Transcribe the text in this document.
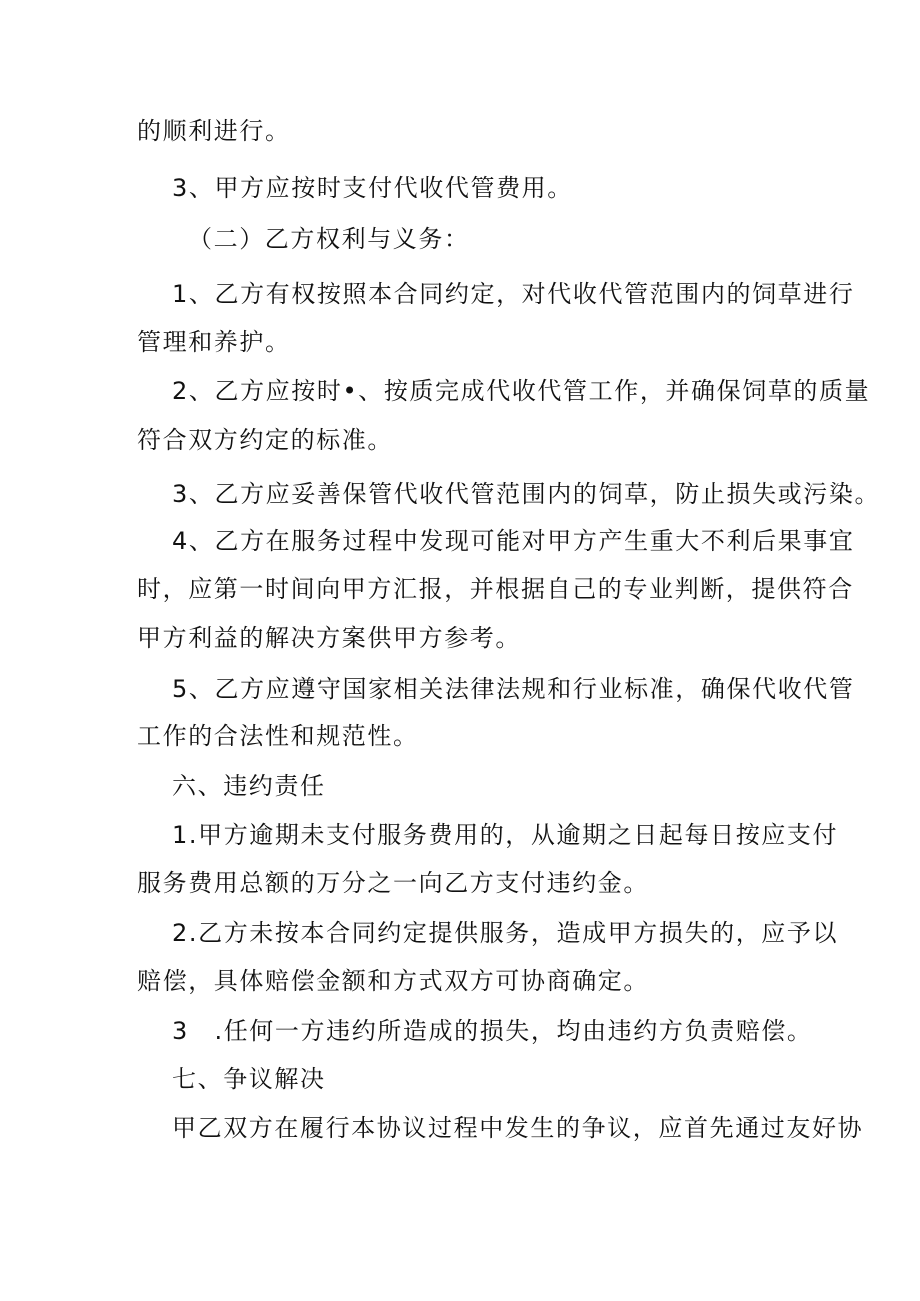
的顺利进行。
3、甲方应按时支付代收代管费用。
（二）乙方权利与义务：
1、乙方有权按照本合同约定，对代收代管范围内的饲草进行
管理和养护。
2、乙方应按时•、按质完成代收代管工作，并确保饲草的质量
符合双方约定的标准。
3、乙方应妥善保管代收代管范围内的饲草，防止损失或污染。
4、乙方在服务过程中发现可能对甲方产生重大不利后果事宜
时，应第一时间向甲方汇报，并根据自己的专业判断，提供符合
甲方利益的解决方案供甲方参考。
5、乙方应遵守国家相关法律法规和行业标准，确保代收代管
工作的合法性和规范性。
六、违约责任
1.甲方逾期未支付服务费用的，从逾期之日起每日按应支付
服务费用总额的万分之一向乙方支付违约金。
2.乙方未按本合同约定提供服务，造成甲方损失的，应予以
赔偿，具体赔偿金额和方式双方可协商确定。
3　.任何一方违约所造成的损失，均由违约方负责赔偿。
七、争议解决
甲乙双方在履行本协议过程中发生的争议，应首先通过友好协
